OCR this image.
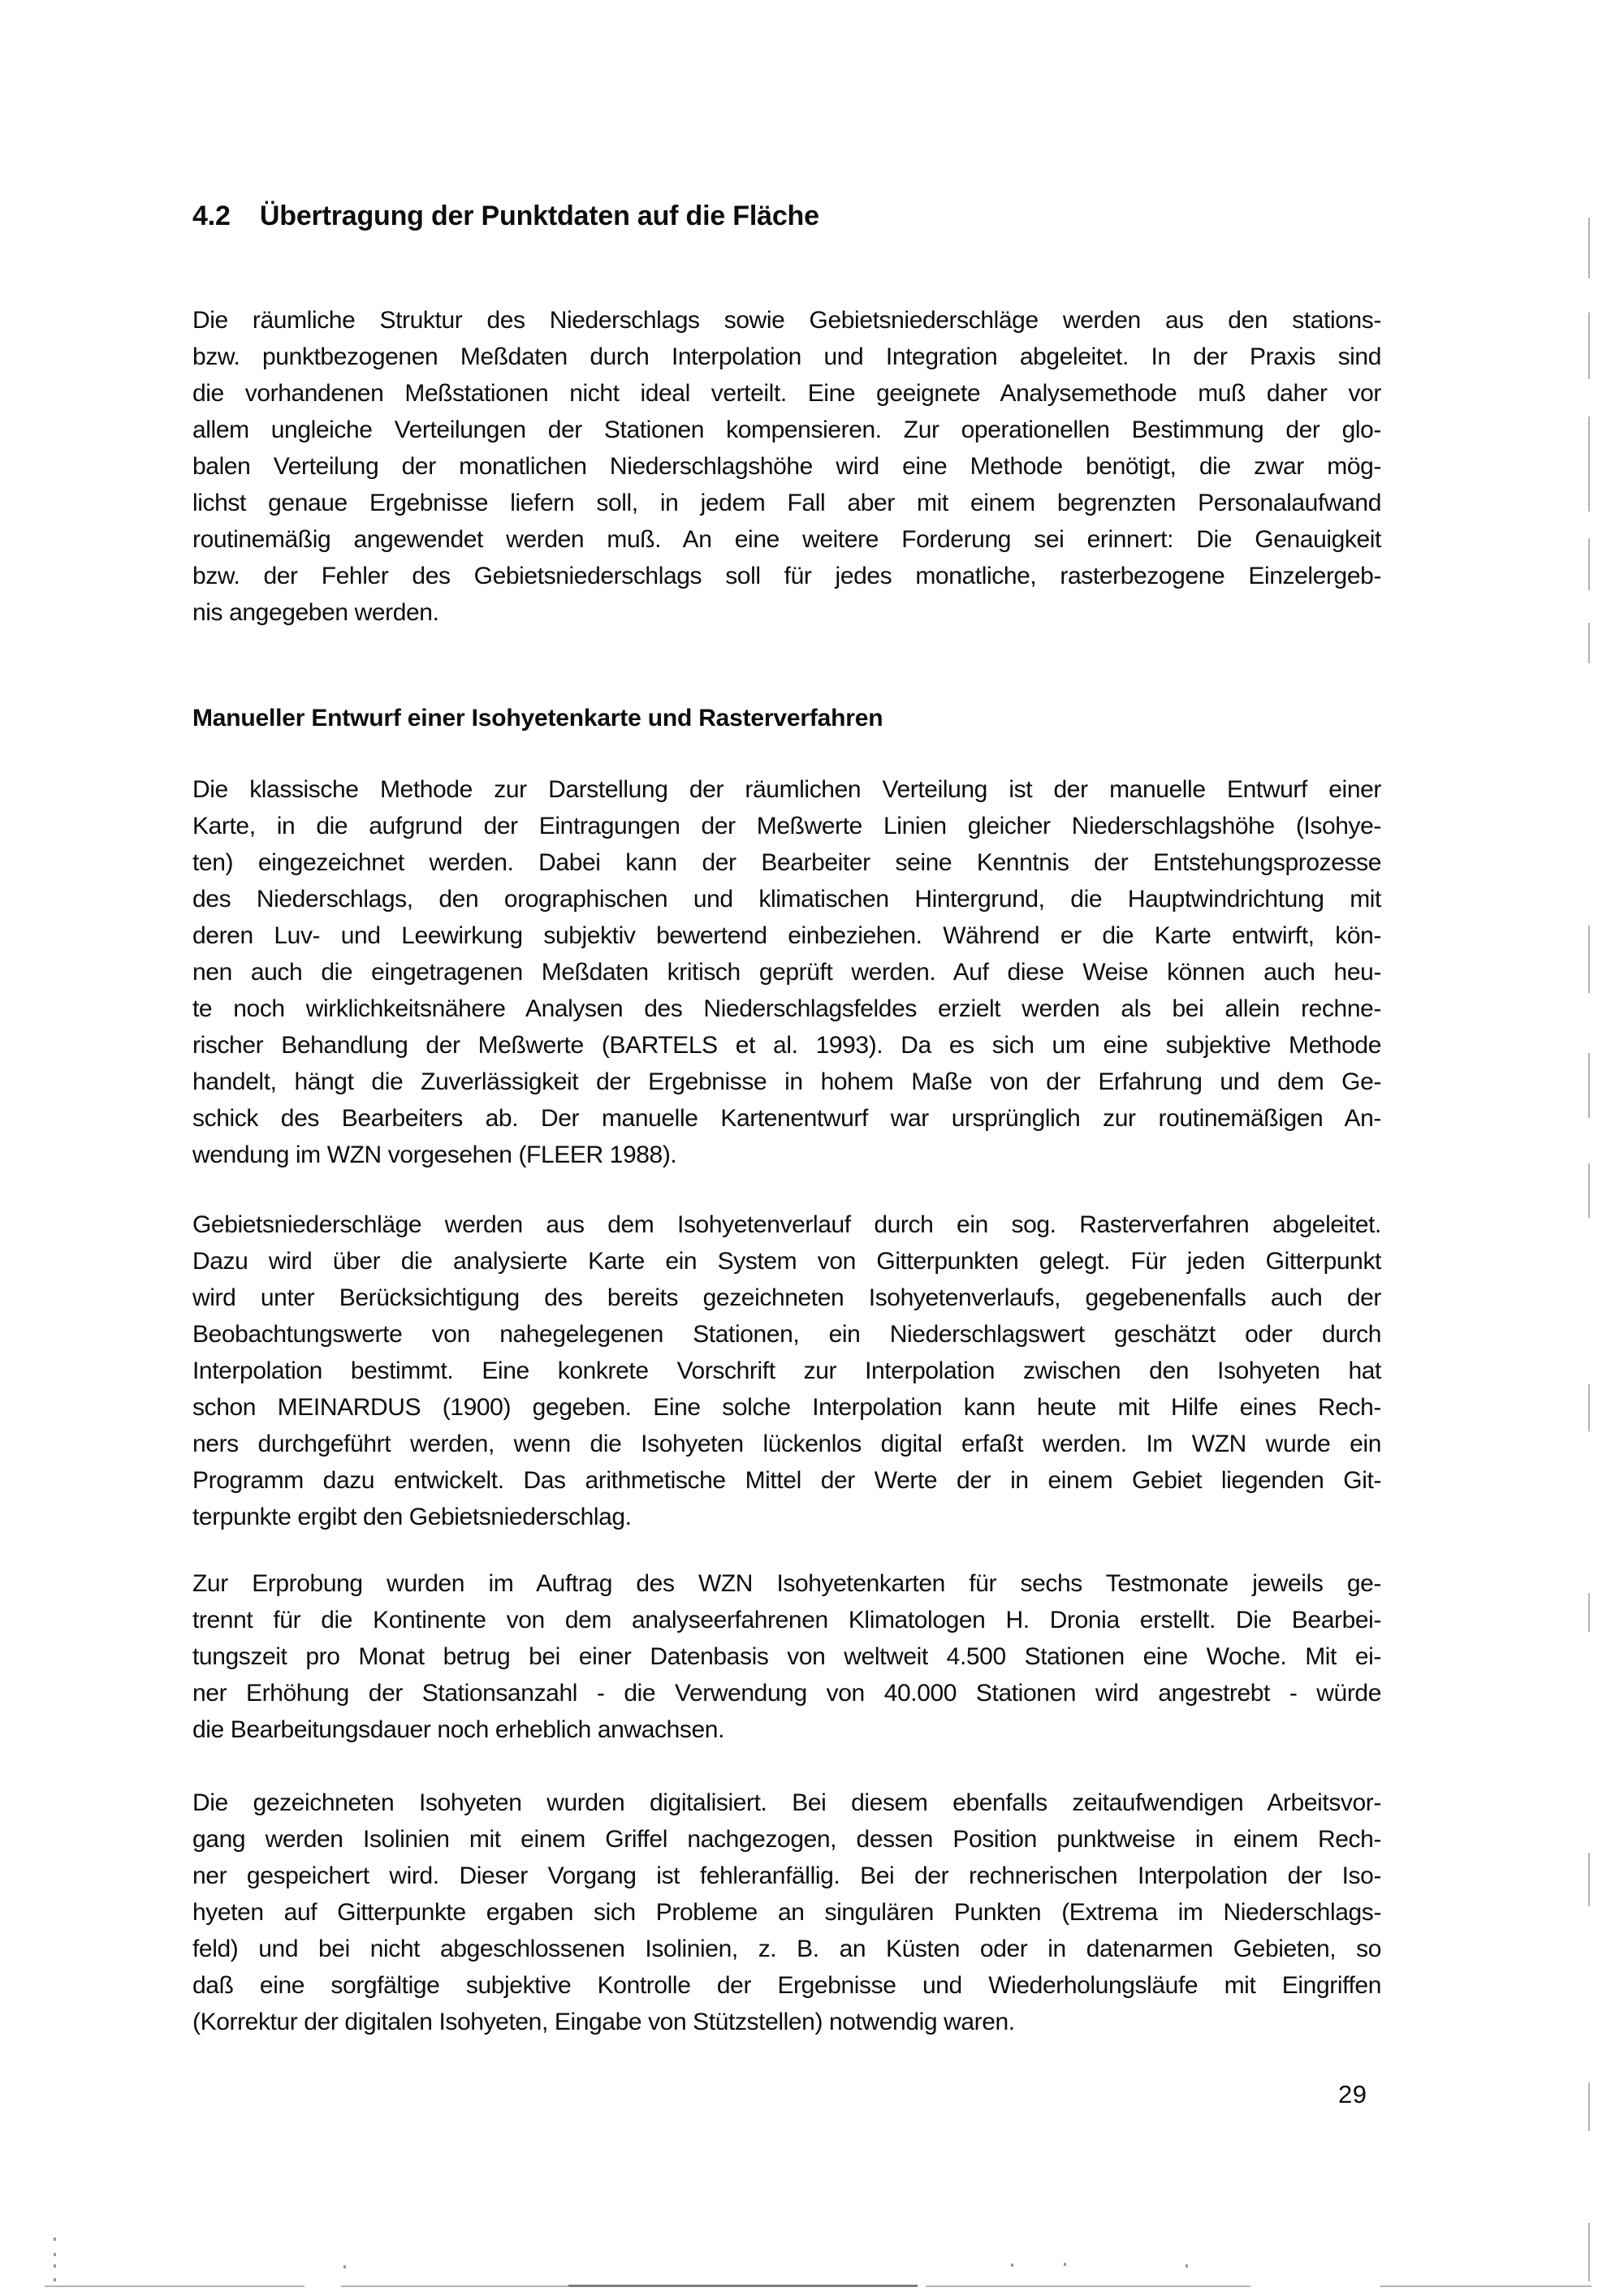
4.2 Übertragung der Punktdaten auf die Fläche
Die räumliche Struktur des Niederschlags sowie Gebietsniederschläge werden aus den stations-
bzw. punktbezogenen Meßdaten durch Interpolation und Integration abgeleitet. In der Praxis sind
die vorhandenen Meßstationen nicht ideal verteilt. Eine geeignete Analysemethode muß daher vor
allem ungleiche Verteilungen der Stationen kompensieren. Zur operationellen Bestimmung der glo-
balen Verteilung der monatlichen Niederschlagshöhe wird eine Methode benötigt, die zwar mög-
lichst genaue Ergebnisse liefern soll, in jedem Fall aber mit einem begrenzten Personalaufwand
routinemäßig angewendet werden muß. An eine weitere Forderung sei erinnert: Die Genauigkeit
bzw. der Fehler des Gebietsniederschlags soll für jedes monatliche, rasterbezogene Einzelergeb-
nis angegeben werden.
Manueller Entwurf einer Isohyetenkarte und Rasterverfahren
Die klassische Methode zur Darstellung der räumlichen Verteilung ist der manuelle Entwurf einer
Karte, in die aufgrund der Eintragungen der Meßwerte Linien gleicher Niederschlagshöhe (Isohye-
ten) eingezeichnet werden. Dabei kann der Bearbeiter seine Kenntnis der Entstehungsprozesse
des Niederschlags, den orographischen und klimatischen Hintergrund, die Hauptwindrichtung mit
deren Luv- und Leewirkung subjektiv bewertend einbeziehen. Während er die Karte entwirft, kön-
nen auch die eingetragenen Meßdaten kritisch geprüft werden. Auf diese Weise können auch heu-
te noch wirklichkeitsnähere Analysen des Niederschlagsfeldes erzielt werden als bei allein rechne-
rischer Behandlung der Meßwerte (BARTELS et al. 1993). Da es sich um eine subjektive Methode
handelt, hängt die Zuverlässigkeit der Ergebnisse in hohem Maße von der Erfahrung und dem Ge-
schick des Bearbeiters ab. Der manuelle Kartenentwurf war ursprünglich zur routinemäßigen An-
wendung im WZN vorgesehen (FLEER 1988).
Gebietsniederschläge werden aus dem Isohyetenverlauf durch ein sog. Rasterverfahren abgeleitet.
Dazu wird über die analysierte Karte ein System von Gitterpunkten gelegt. Für jeden Gitterpunkt
wird unter Berücksichtigung des bereits gezeichneten Isohyetenverlaufs, gegebenenfalls auch der
Beobachtungswerte von nahegelegenen Stationen, ein Niederschlagswert geschätzt oder durch
Interpolation bestimmt. Eine konkrete Vorschrift zur Interpolation zwischen den Isohyeten hat
schon MEINARDUS (1900) gegeben. Eine solche Interpolation kann heute mit Hilfe eines Rech-
ners durchgeführt werden, wenn die Isohyeten lückenlos digital erfaßt werden. Im WZN wurde ein
Programm dazu entwickelt. Das arithmetische Mittel der Werte der in einem Gebiet liegenden Git-
terpunkte ergibt den Gebietsniederschlag.
Zur Erprobung wurden im Auftrag des WZN Isohyetenkarten für sechs Testmonate jeweils ge-
trennt für die Kontinente von dem analyseerfahrenen Klimatologen H. Dronia erstellt. Die Bearbei-
tungszeit pro Monat betrug bei einer Datenbasis von weltweit 4.500 Stationen eine Woche. Mit ei-
ner Erhöhung der Stationsanzahl - die Verwendung von 40.000 Stationen wird angestrebt - würde
die Bearbeitungsdauer noch erheblich anwachsen.
Die gezeichneten Isohyeten wurden digitalisiert. Bei diesem ebenfalls zeitaufwendigen Arbeitsvor-
gang werden Isolinien mit einem Griffel nachgezogen, dessen Position punktweise in einem Rech-
ner gespeichert wird. Dieser Vorgang ist fehleranfällig. Bei der rechnerischen Interpolation der Iso-
hyeten auf Gitterpunkte ergaben sich Probleme an singulären Punkten (Extrema im Niederschlags-
feld) und bei nicht abgeschlossenen Isolinien, z. B. an Küsten oder in datenarmen Gebieten, so
daß eine sorgfältige subjektive Kontrolle der Ergebnisse und Wiederholungsläufe mit Eingriffen
(Korrektur der digitalen Isohyeten, Eingabe von Stützstellen) notwendig waren.
29
